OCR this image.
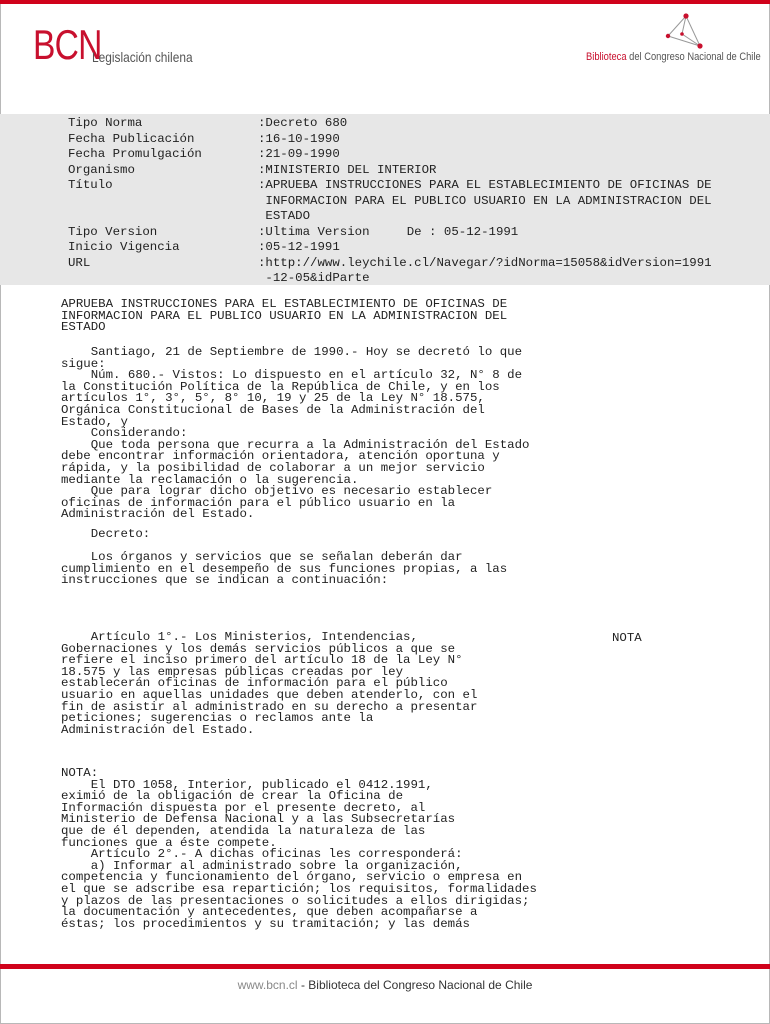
BCN
Legislación chilena	Biblioteca del Congreso Nacional de Chile
Tipo Norma	:Decreto 680
Fecha Publicación	:16-10-1990
Fecha Promulgación	:21-09-1990
Organismo	:MINISTERIO DEL INTERIOR
Título	:APRUEBA INSTRUCCIONES PARA EL ESTABLECIMIENTO DE OFICINAS DE
INFORMACION PARA EL PUBLICO USUARIO EN LA ADMINISTRACION DEL
ESTADO
Tipo Version	:Ultima Version     De : 05-12-1991
Inicio Vigencia	:05-12-1991
URL	:http://www.leychile.cl/Navegar/?idNorma=15058&idVersion=1991
-12-05&idParte
APRUEBA INSTRUCCIONES PARA EL ESTABLECIMIENTO DE OFICINAS DE
INFORMACION PARA EL PUBLICO USUARIO EN LA ADMINISTRACION DEL
ESTADO
Santiago, 21 de Septiembre de 1990.- Hoy se decretó lo que
sigue:
Núm. 680.- Vistos: Lo dispuesto en el artículo 32, N° 8 de
la Constitución Política de la República de Chile, y en los
artículos 1°, 3°, 5°, 8° 10, 19 y 25 de la Ley N° 18.575,
Orgánica Constitucional de Bases de la Administración del
Estado, y
Considerando:
Que toda persona que recurra a la Administración del Estado
debe encontrar información orientadora, atención oportuna y
rápida, y la posibilidad de colaborar a un mejor servicio
mediante la reclamación o la sugerencia.
Que para lograr dicho objetivo es necesario establecer
oficinas de información para el público usuario en la
Administración del Estado.
Decreto:
Los órganos y servicios que se señalan deberán dar
cumplimiento en el desempeño de sus funciones propias, a las
instrucciones que se indican a continuación:
Artículo 1°.- Los Ministerios, Intendencias,
Gobernaciones y los demás servicios públicos a que se
refiere el inciso primero del artículo 18 de la Ley N°
18.575 y las empresas públicas creadas por ley
establecerán oficinas de información para el público
usuario en aquellas unidades que deben atenderlo, con el
fin de asistir al administrado en su derecho a presentar
peticiones; sugerencias o reclamos ante la
Administración del Estado.
NOTA
NOTA:
El DTO 1058, Interior, publicado el 0412.1991,
eximió de la obligación de crear la Oficina de
Información dispuesta por el presente decreto, al
Ministerio de Defensa Nacional y a las Subsecretarías
que de él dependen, atendida la naturaleza de las
funciones que a éste compete.
Artículo 2°.- A dichas oficinas les corresponderá:
a) Informar al administrado sobre la organización,
competencia y funcionamiento del órgano, servicio o empresa en
el que se adscribe esa repartición; los requisitos, formalidades
y plazos de las presentaciones o solicitudes a ellos dirigidas;
la documentación y antecedentes, que deben acompañarse a
éstas; los procedimientos y su tramitación; y las demás
www.bcn.cl - Biblioteca del Congreso Nacional de Chile
